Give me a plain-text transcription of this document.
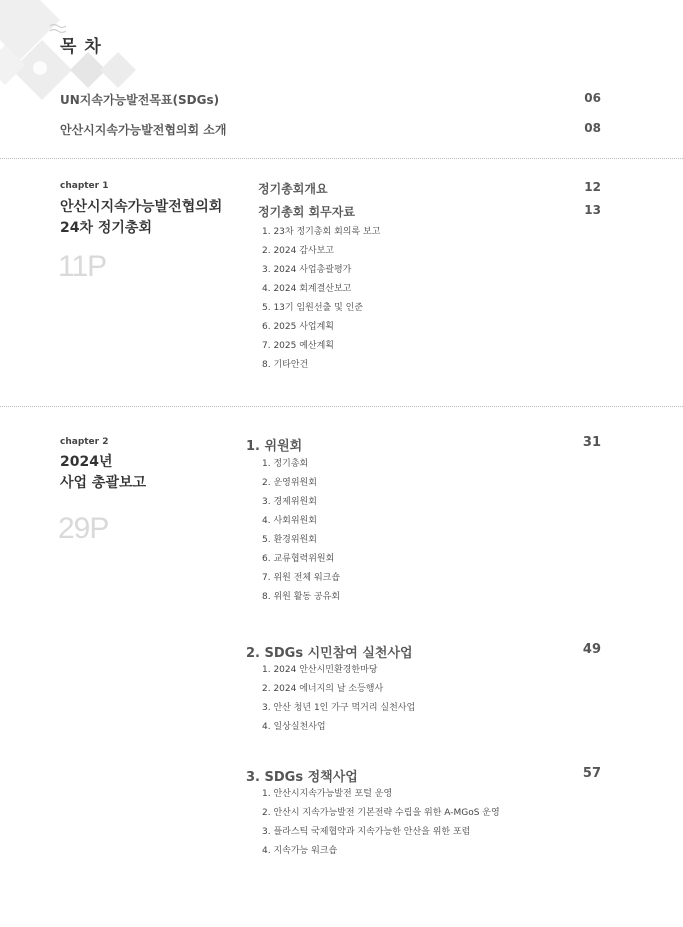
목 차
UN지속가능발전목표(SDGs)	06
안산시지속가능발전협의회 소개	08
chapter 1
안산시지속가능발전협의회
24차 정기총회
11P
정기총회개요	12
정기총회 회무자료	13
1. 23차 정기총회 회의록 보고
2. 2024 감사보고
3. 2024 사업총괄평가
4. 2024 회계결산보고
5. 13기 임원선출 및 인준
6. 2025 사업계획
7. 2025 예산계획
8. 기타안건
chapter 2
2024년
사업 총괄보고
29P
1. 위원회	31
1. 정기총회
2. 운영위원회
3. 경제위원회
4. 사회위원회
5. 환경위원회
6. 교류협력위원회
7. 위원 전체 워크숍
8. 위원 활동 공유회
2. SDGs 시민참여 실천사업	49
1. 2024 안산시민환경한마당
2. 2024 에너지의 날 소등행사
3. 안산 청년 1인 가구 먹거리 실천사업
4. 일상실천사업
3. SDGs 정책사업	57
1. 안산시지속가능발전 포털 운영
2. 안산시 지속가능발전 기본전략 수립을 위한 A-MGoS 운영
3. 플라스틱 국제협약과 지속가능한 안산을 위한 포럼
4. 지속가능 워크숍
